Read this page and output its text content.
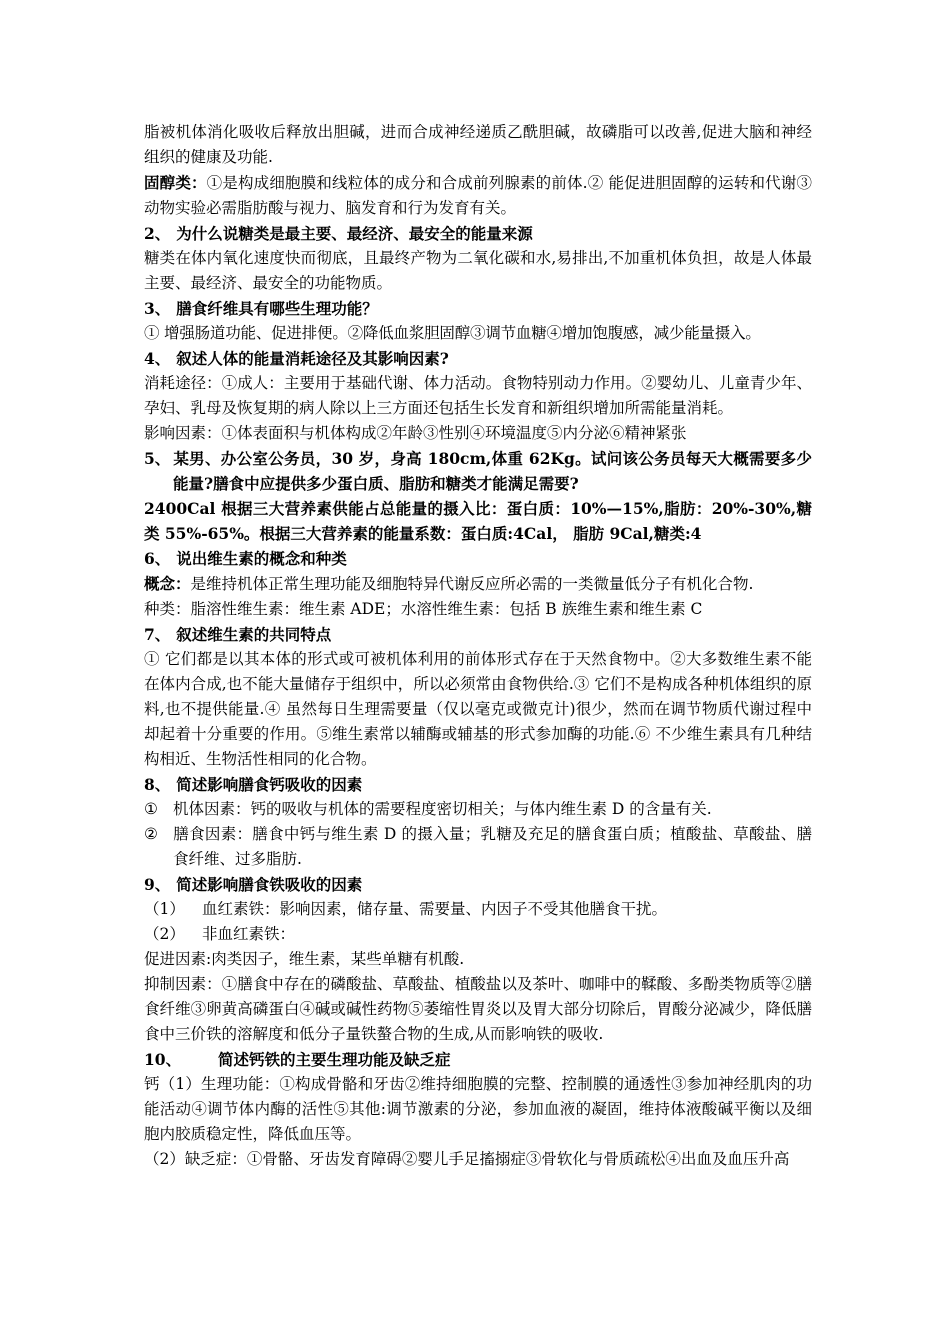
脂被机体消化吸收后释放出胆碱，进而合成神经递质乙酰胆碱，故磷脂可以改善,促进大脑和神经组织的健康及功能.

固醇类：①是构成细胞膜和线粒体的成分和合成前列腺素的前体.② 能促进胆固醇的运转和代谢③动物实验必需脂肪酸与视力、脑发育和行为发育有关。

2、 为什么说糖类是最主要、最经济、最安全的能量来源

糖类在体内氧化速度快而彻底，且最终产物为二氧化碳和水,易排出,不加重机体负担，故是人体最主要、最经济、最安全的功能物质。

3、 膳食纤维具有哪些生理功能？

① 增强肠道功能、促进排便。②降低血浆胆固醇③调节血糖④增加饱腹感，减少能量摄入。

4、 叙述人体的能量消耗途径及其影响因素?

消耗途径：①成人：主要用于基础代谢、体力活动。食物特别动力作用。②婴幼儿、儿童青少年、孕妇、乳母及恢复期的病人除以上三方面还包括生长发育和新组织增加所需能量消耗。

影响因素：①体表面积与机体构成②年龄③性别④环境温度⑤内分泌⑥精神紧张

5、 某男、办公室公务员，30 岁，身高 180cm,体重 62Kg。试问该公务员每天大概需要多少能量?膳食中应提供多少蛋白质、脂肪和糖类才能满足需要?

2400Cal 根据三大营养素供能占总能量的摄入比：蛋白质：10%—15%,脂肪：20%-30%,糖类 55%-65%。根据三大营养素的能量系数：蛋白质:4Cal， 脂肪 9Cal,糖类:4

6、 说出维生素的概念和种类

概念：是维持机体正常生理功能及细胞特异代谢反应所必需的一类微量低分子有机化合物.

种类：脂溶性维生素：维生素 ADE；水溶性维生素：包括 B 族维生素和维生素 C

7、 叙述维生素的共同特点

① 它们都是以其本体的形式或可被机体利用的前体形式存在于天然食物中。②大多数维生素不能在体内合成,也不能大量储存于组织中，所以必须常由食物供给.③ 它们不是构成各种机体组织的原料,也不提供能量.④ 虽然每日生理需要量（仅以毫克或微克计)很少，然而在调节物质代谢过程中却起着十分重要的作用。⑤维生素常以辅酶或辅基的形式参加酶的功能.⑥ 不少维生素具有几种结构相近、生物活性相同的化合物。

8、 简述影响膳食钙吸收的因素

① 机体因素：钙的吸收与机体的需要程度密切相关；与体内维生素 D 的含量有关.

② 膳食因素：膳食中钙与维生素 D 的摄入量；乳糖及充足的膳食蛋白质；植酸盐、草酸盐、膳食纤维、过多脂肪.

9、 简述影响膳食铁吸收的因素

（1） 血红素铁：影响因素，储存量、需要量、内因子不受其他膳食干扰。

（2） 非血红素铁：

促进因素:肉类因子，维生素，某些单糖有机酸.

抑制因素：①膳食中存在的磷酸盐、草酸盐、植酸盐以及茶叶、咖啡中的鞣酸、多酚类物质等②膳食纤维③卵黄高磷蛋白④碱或碱性药物⑤萎缩性胃炎以及胃大部分切除后，胃酸分泌减少，降低膳食中三价铁的溶解度和低分子量铁螯合物的生成,从而影响铁的吸收.

10、 简述钙铁的主要生理功能及缺乏症

钙（1）生理功能：①构成骨骼和牙齿②维持细胞膜的完整、控制膜的通透性③参加神经肌肉的功能活动④调节体内酶的活性⑤其他:调节激素的分泌，参加血液的凝固，维持体液酸碱平衡以及细胞内胶质稳定性，降低血压等。

（2）缺乏症：①骨骼、牙齿发育障碍②婴儿手足搐搦症③骨软化与骨质疏松④出血及血压升高
